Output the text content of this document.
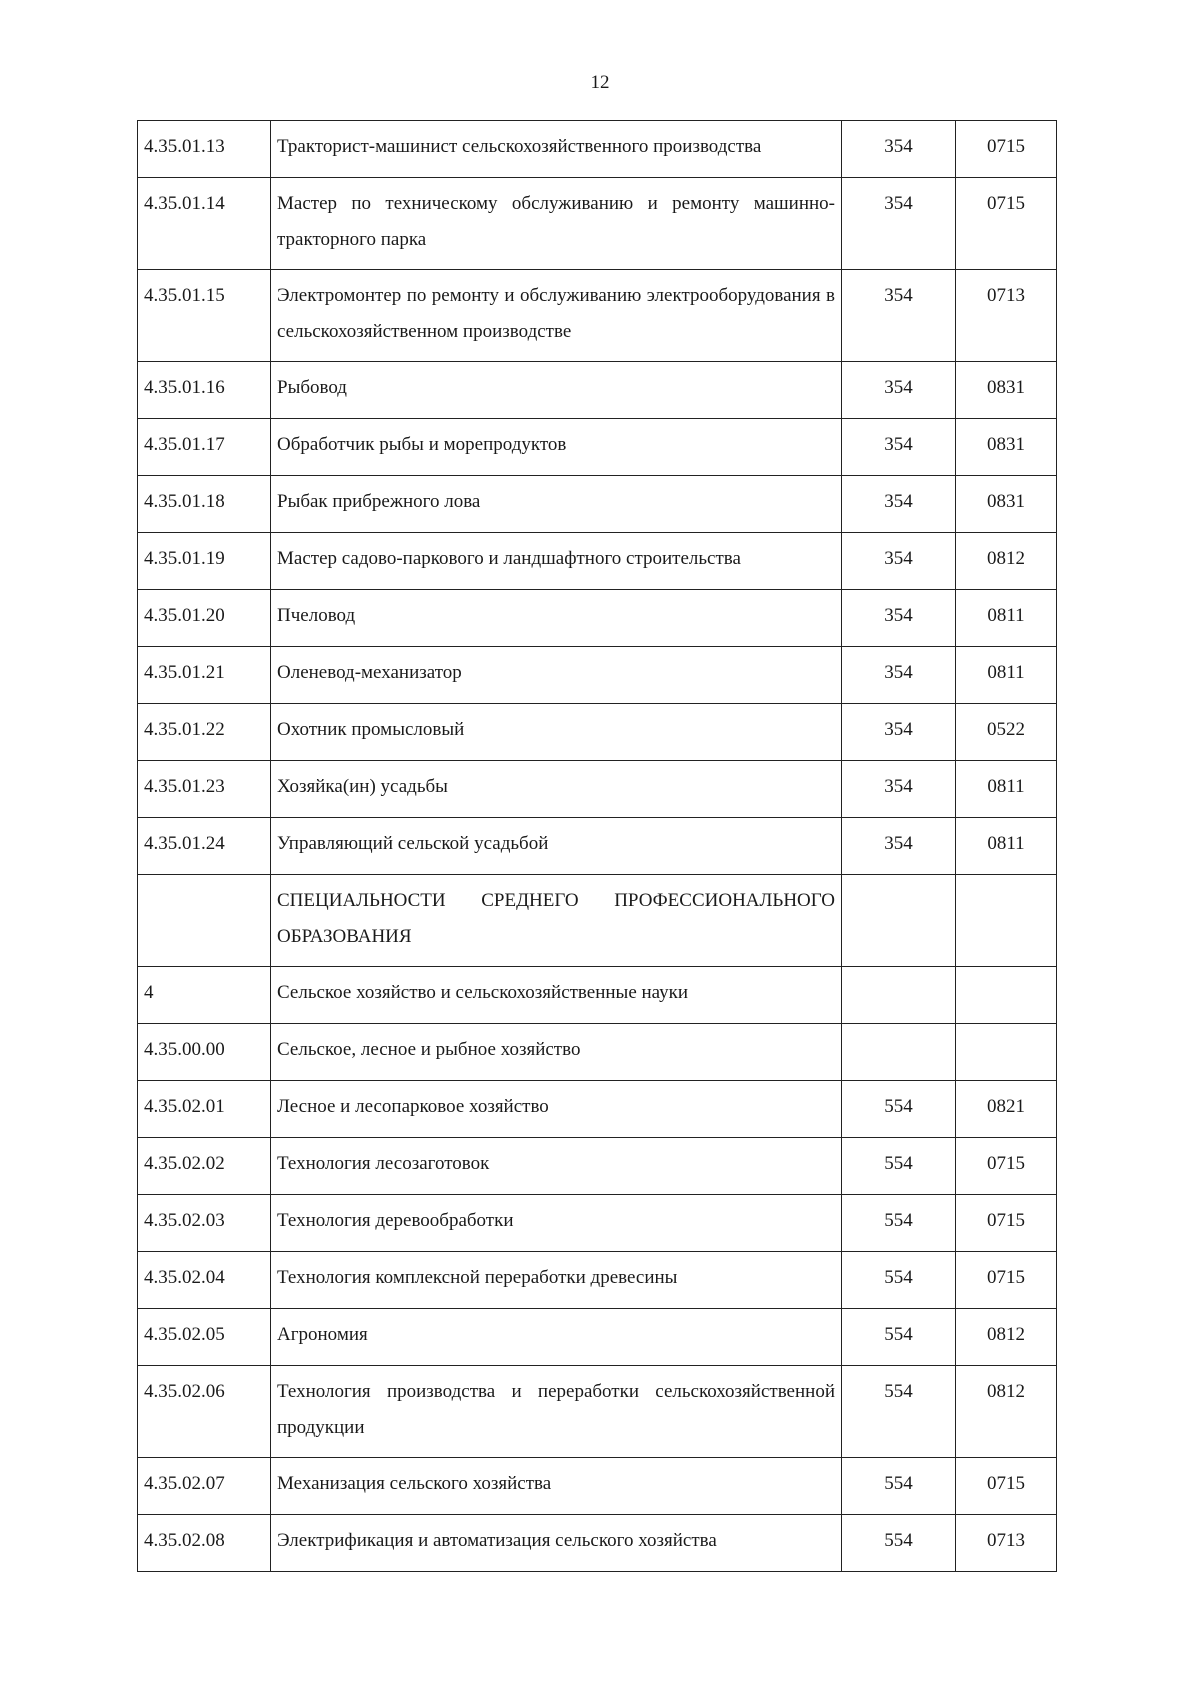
12
4.35.01.13	Тракторист-машинист сельскохозяйственного производства	354	0715
4.35.01.14	Мастер по техническому обслуживанию и ремонту машинно-тракторного парка	354	0715
4.35.01.15	Электромонтер по ремонту и обслуживанию электрооборудования в сельскохозяйственном производстве	354	0713
4.35.01.16	Рыбовод	354	0831
4.35.01.17	Обработчик рыбы и морепродуктов	354	0831
4.35.01.18	Рыбак прибрежного лова	354	0831
4.35.01.19	Мастер садово-паркового и ландшафтного строительства	354	0812
4.35.01.20	Пчеловод	354	0811
4.35.01.21	Оленевод-механизатор	354	0811
4.35.01.22	Охотник промысловый	354	0522
4.35.01.23	Хозяйка(ин) усадьбы	354	0811
4.35.01.24	Управляющий сельской усадьбой	354	0811
	СПЕЦИАЛЬНОСТИ СРЕДНЕГО ПРОФЕССИОНАЛЬНОГО ОБРАЗОВАНИЯ		
4	Сельское хозяйство и сельскохозяйственные науки		
4.35.00.00	Сельское, лесное и рыбное хозяйство		
4.35.02.01	Лесное и лесопарковое хозяйство	554	0821
4.35.02.02	Технология лесозаготовок	554	0715
4.35.02.03	Технология деревообработки	554	0715
4.35.02.04	Технология комплексной переработки древесины	554	0715
4.35.02.05	Агрономия	554	0812
4.35.02.06	Технология производства и переработки сельскохозяйственной продукции	554	0812
4.35.02.07	Механизация сельского хозяйства	554	0715
4.35.02.08	Электрификация и автоматизация сельского хозяйства	554	0713
